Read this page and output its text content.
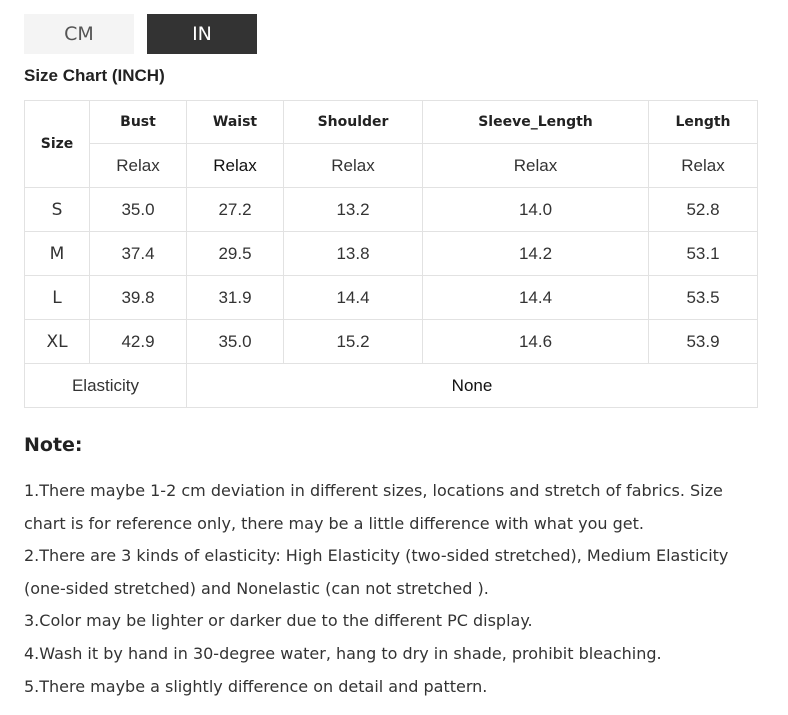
CM	IN
Size Chart (INCH)
Size	Bust	Waist	Shoulder	Sleeve_Length	Length
	Relax	Relax	Relax	Relax	Relax
S	35.0	27.2	13.2	14.0	52.8
M	37.4	29.5	13.8	14.2	53.1
L	39.8	31.9	14.4	14.4	53.5
XL	42.9	35.0	15.2	14.6	53.9
Elasticity		None			
Note:

1.There maybe 1-2 cm deviation in different sizes, locations and stretch of fabrics. Size

chart is for reference only, there may be a little difference with what you get.

2.There are 3 kinds of elasticity: High Elasticity (two-sided stretched), Medium Elasticity

(one-sided stretched) and Nonelastic (can not stretched ).

3.Color may be lighter or darker due to the different PC display.

4.Wash it by hand in 30-degree water, hang to dry in shade, prohibit bleaching.

5.There maybe a slightly difference on detail and pattern.
